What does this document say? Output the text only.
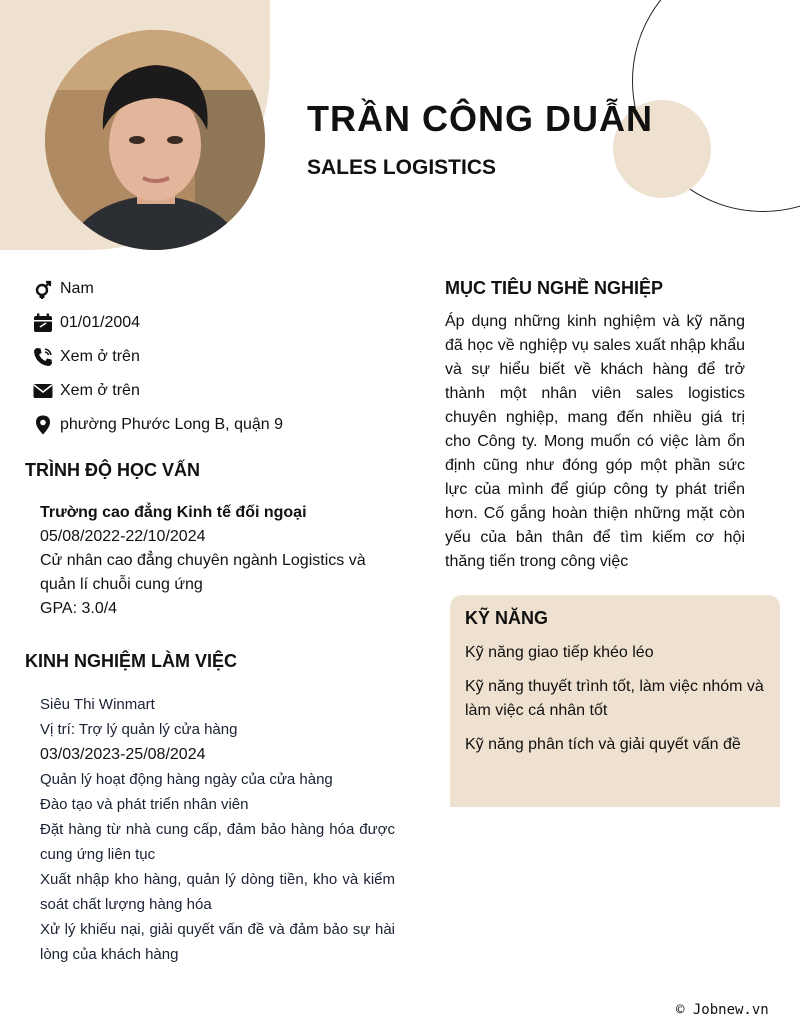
TRẦN CÔNG DUẪN
SALES LOGISTICS
Nam
01/01/2004
Xem ở trên
Xem ở trên
phường Phước Long B, quận 9
TRÌNH ĐỘ HỌC VẤN
Trường cao đẳng Kinh tế đối ngoại
05/08/2022-22/10/2024
Cử nhân cao đẳng chuyên ngành Logistics và quản lí chuỗi cung ứng
GPA: 3.0/4
KINH NGHIỆM LÀM VIỆC
Siêu Thi Winmart
Vị trí: Trợ lý quản lý cửa hàng
03/03/2023-25/08/2024
Quản lý hoạt động hàng ngày của cửa hàng
Đào tạo và phát triển nhân viên
Đặt hàng từ nhà cung cấp, đảm bảo hàng hóa được cung ứng liên tục
Xuất nhập kho hàng, quản lý dòng tiền, kho và kiểm soát chất lượng hàng hóa
Xử lý khiếu nại, giải quyết vấn đề và đảm bảo sự hài lòng của khách hàng
MỤC TIÊU NGHỀ NGHIỆP
Áp dụng những kinh nghiệm và kỹ năng đã học về nghiệp vụ sales xuất nhập khẩu và sự hiểu biết về khách hàng để trở thành một nhân viên sales logistics chuyên nghiệp, mang đến nhiều giá trị cho Công ty. Mong muốn có việc làm ổn định cũng như đóng góp một phần sức lực của mình để giúp công ty phát triển hơn. Cố gắng hoàn thiện những mặt còn yếu của bản thân để tìm kiếm cơ hội thăng tiến trong công việc
KỸ NĂNG
Kỹ năng giao tiếp khéo léo
Kỹ năng thuyết trình tốt, làm việc nhóm và làm việc cá nhân tốt
Kỹ năng phân tích và giải quyết vấn đề
© Jobnew.vn
